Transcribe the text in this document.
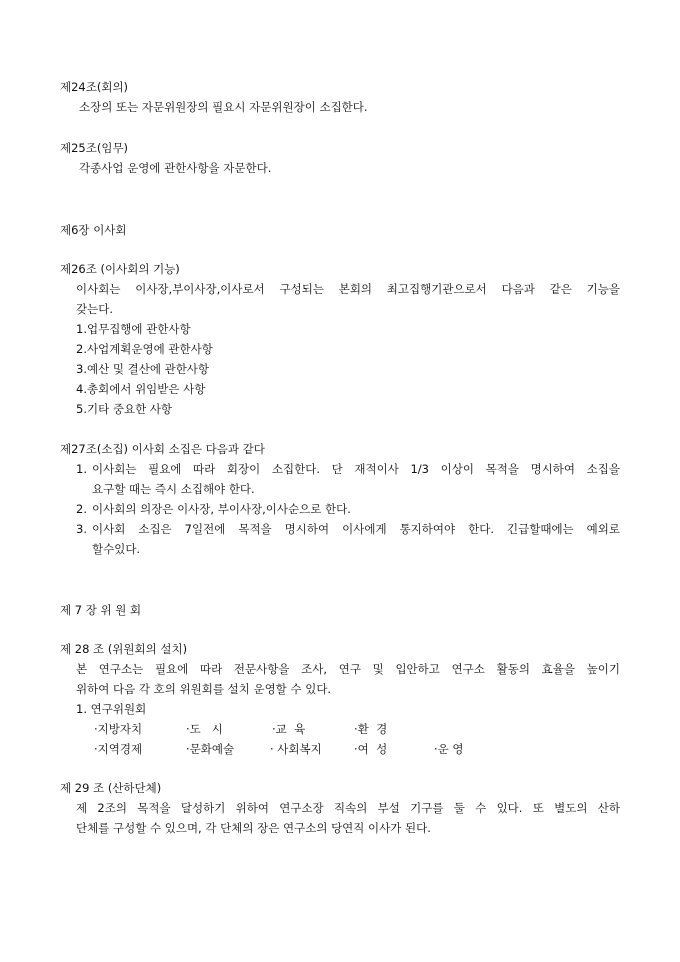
제24조(회의)
소장의 또는 자문위원장의 필요시 자문위원장이 소집한다.
제25조(임무)
각종사업 운영에 관한사항을 자문한다.
제6장 이사회
제26조 (이사회의 기능)
이사회는 이사장,부이사장,이사로서 구성되는 본회의 최고집행기관으로서 다음과 같은 기능을
갖는다.
1.업무집행에 관한사항
2.사업계획운영에 관한사항
3.예산 및 결산에 관한사항
4.총회에서 위임받은 사항
5.기타 중요한 사항
제27조(소집) 이사회 소집은 다음과 같다
1. 이사회는 필요에 따라 회장이 소집한다. 단 재적이사 1/3 이상이 목적을 명시하여 소집을
요구할 때는 즉시 소집해야 한다.
2. 이사회의 의장은 이사장, 부이사장,이사순으로 한다.
3. 이사회 소집은 7일전에 목적을 명시하여 이사에게 통지하여야 한다. 긴급할때에는 예외로
할수있다.
제 7 장 위 원 회
제 28 조 (위원회의 설치)
본 연구소는 필요에 따라 전문사항을 조사, 연구 및 입안하고 연구소 활동의 효율을 높이기
위하여 다음 각 호의 위원회를 설치 운영할 수 있다.
1. 연구위원회
·지방자치	·도   시	·교  육	·환  경
·지역경제	·문화예술	· 사회복지	·여  성	·운 영
제 29 조 (산하단체)
제 2조의 목적을 달성하기 위하여 연구소장 직속의 부설 기구를 둘 수 있다. 또 별도의 산하
단체를 구성할 수 있으며, 각 단체의 장은 연구소의 당연직 이사가 된다.
